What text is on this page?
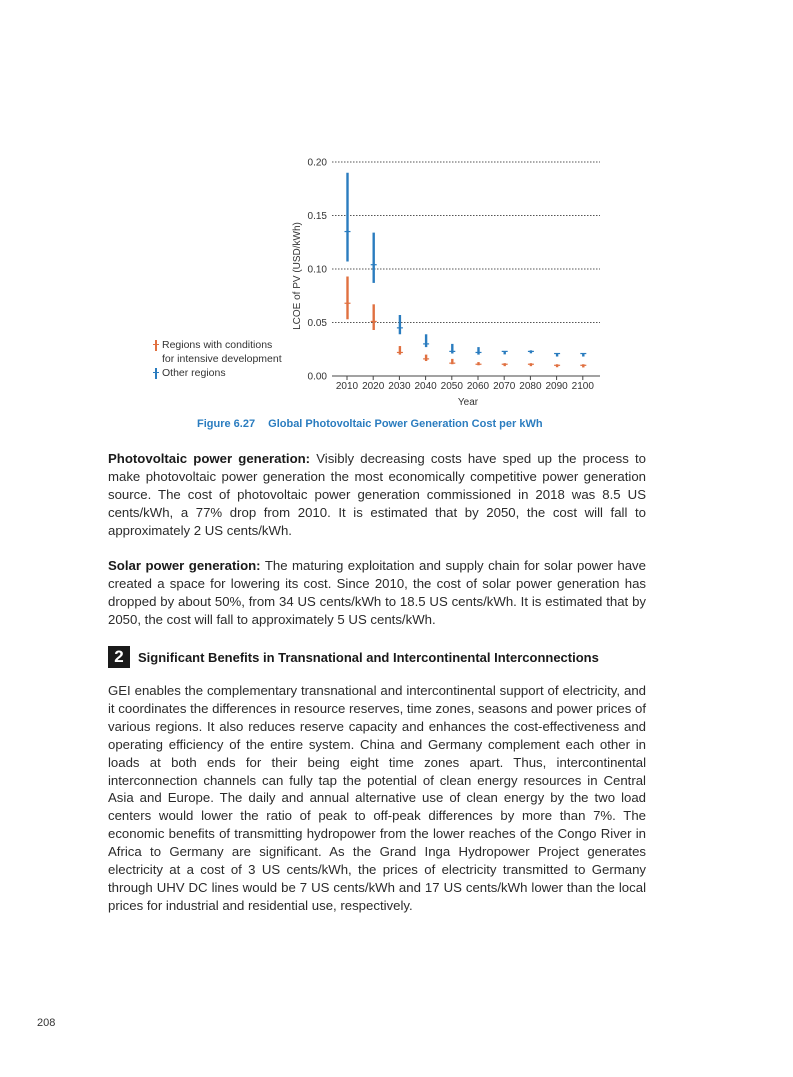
0.00
0.05
0.10
0.15
0.20
2010 2020 2030 2040 2050 2060 2070 2080 2090 2100
Year
LCOE of PV (USD/kWh)
Regions with conditions
for intensive development
Other regions
Figure 6.27 Global Photovoltaic Power Generation Cost per kWh
Photovoltaic power generation: Visibly decreasing costs have sped up the process to make photovoltaic power generation the most economically competitive power generation source. The cost of photovoltaic power generation commissioned in 2018 was 8.5 US cents/kWh, a 77% drop from 2010. It is estimated that by 2050, the cost will fall to approximately 2 US cents/kWh.
Solar power generation: The maturing exploitation and supply chain for solar power have created a space for lowering its cost. Since 2010, the cost of solar power generation has dropped by about 50%, from 34 US cents/kWh to 18.5 US cents/kWh. It is estimated that by 2050, the cost will fall to approximately 5 US cents/kWh.
2	Significant Benefits in Transnational and Intercontinental Interconnections
GEI enables the complementary transnational and intercontinental support of electricity, and it coordinates the differences in resource reserves, time zones, seasons and power prices of various regions. It also reduces reserve capacity and enhances the cost-effectiveness and operating efficiency of the entire system. China and Germany complement each other in loads at both ends for their being eight time zones apart. Thus, intercontinental interconnection channels can fully tap the potential of clean energy resources in Central Asia and Europe. The daily and annual alternative use of clean energy by the two load centers would lower the ratio of peak to off-peak differences by more than 7%. The economic benefits of transmitting hydropower from the lower reaches of the Congo River in Africa to Germany are significant. As the Grand Inga Hydropower Project generates electricity at a cost of 3 US cents/kWh, the prices of electricity transmitted to Germany through UHV DC lines would be 7 US cents/kWh and 17 US cents/kWh lower than the local prices for industrial and residential use, respectively.
208
